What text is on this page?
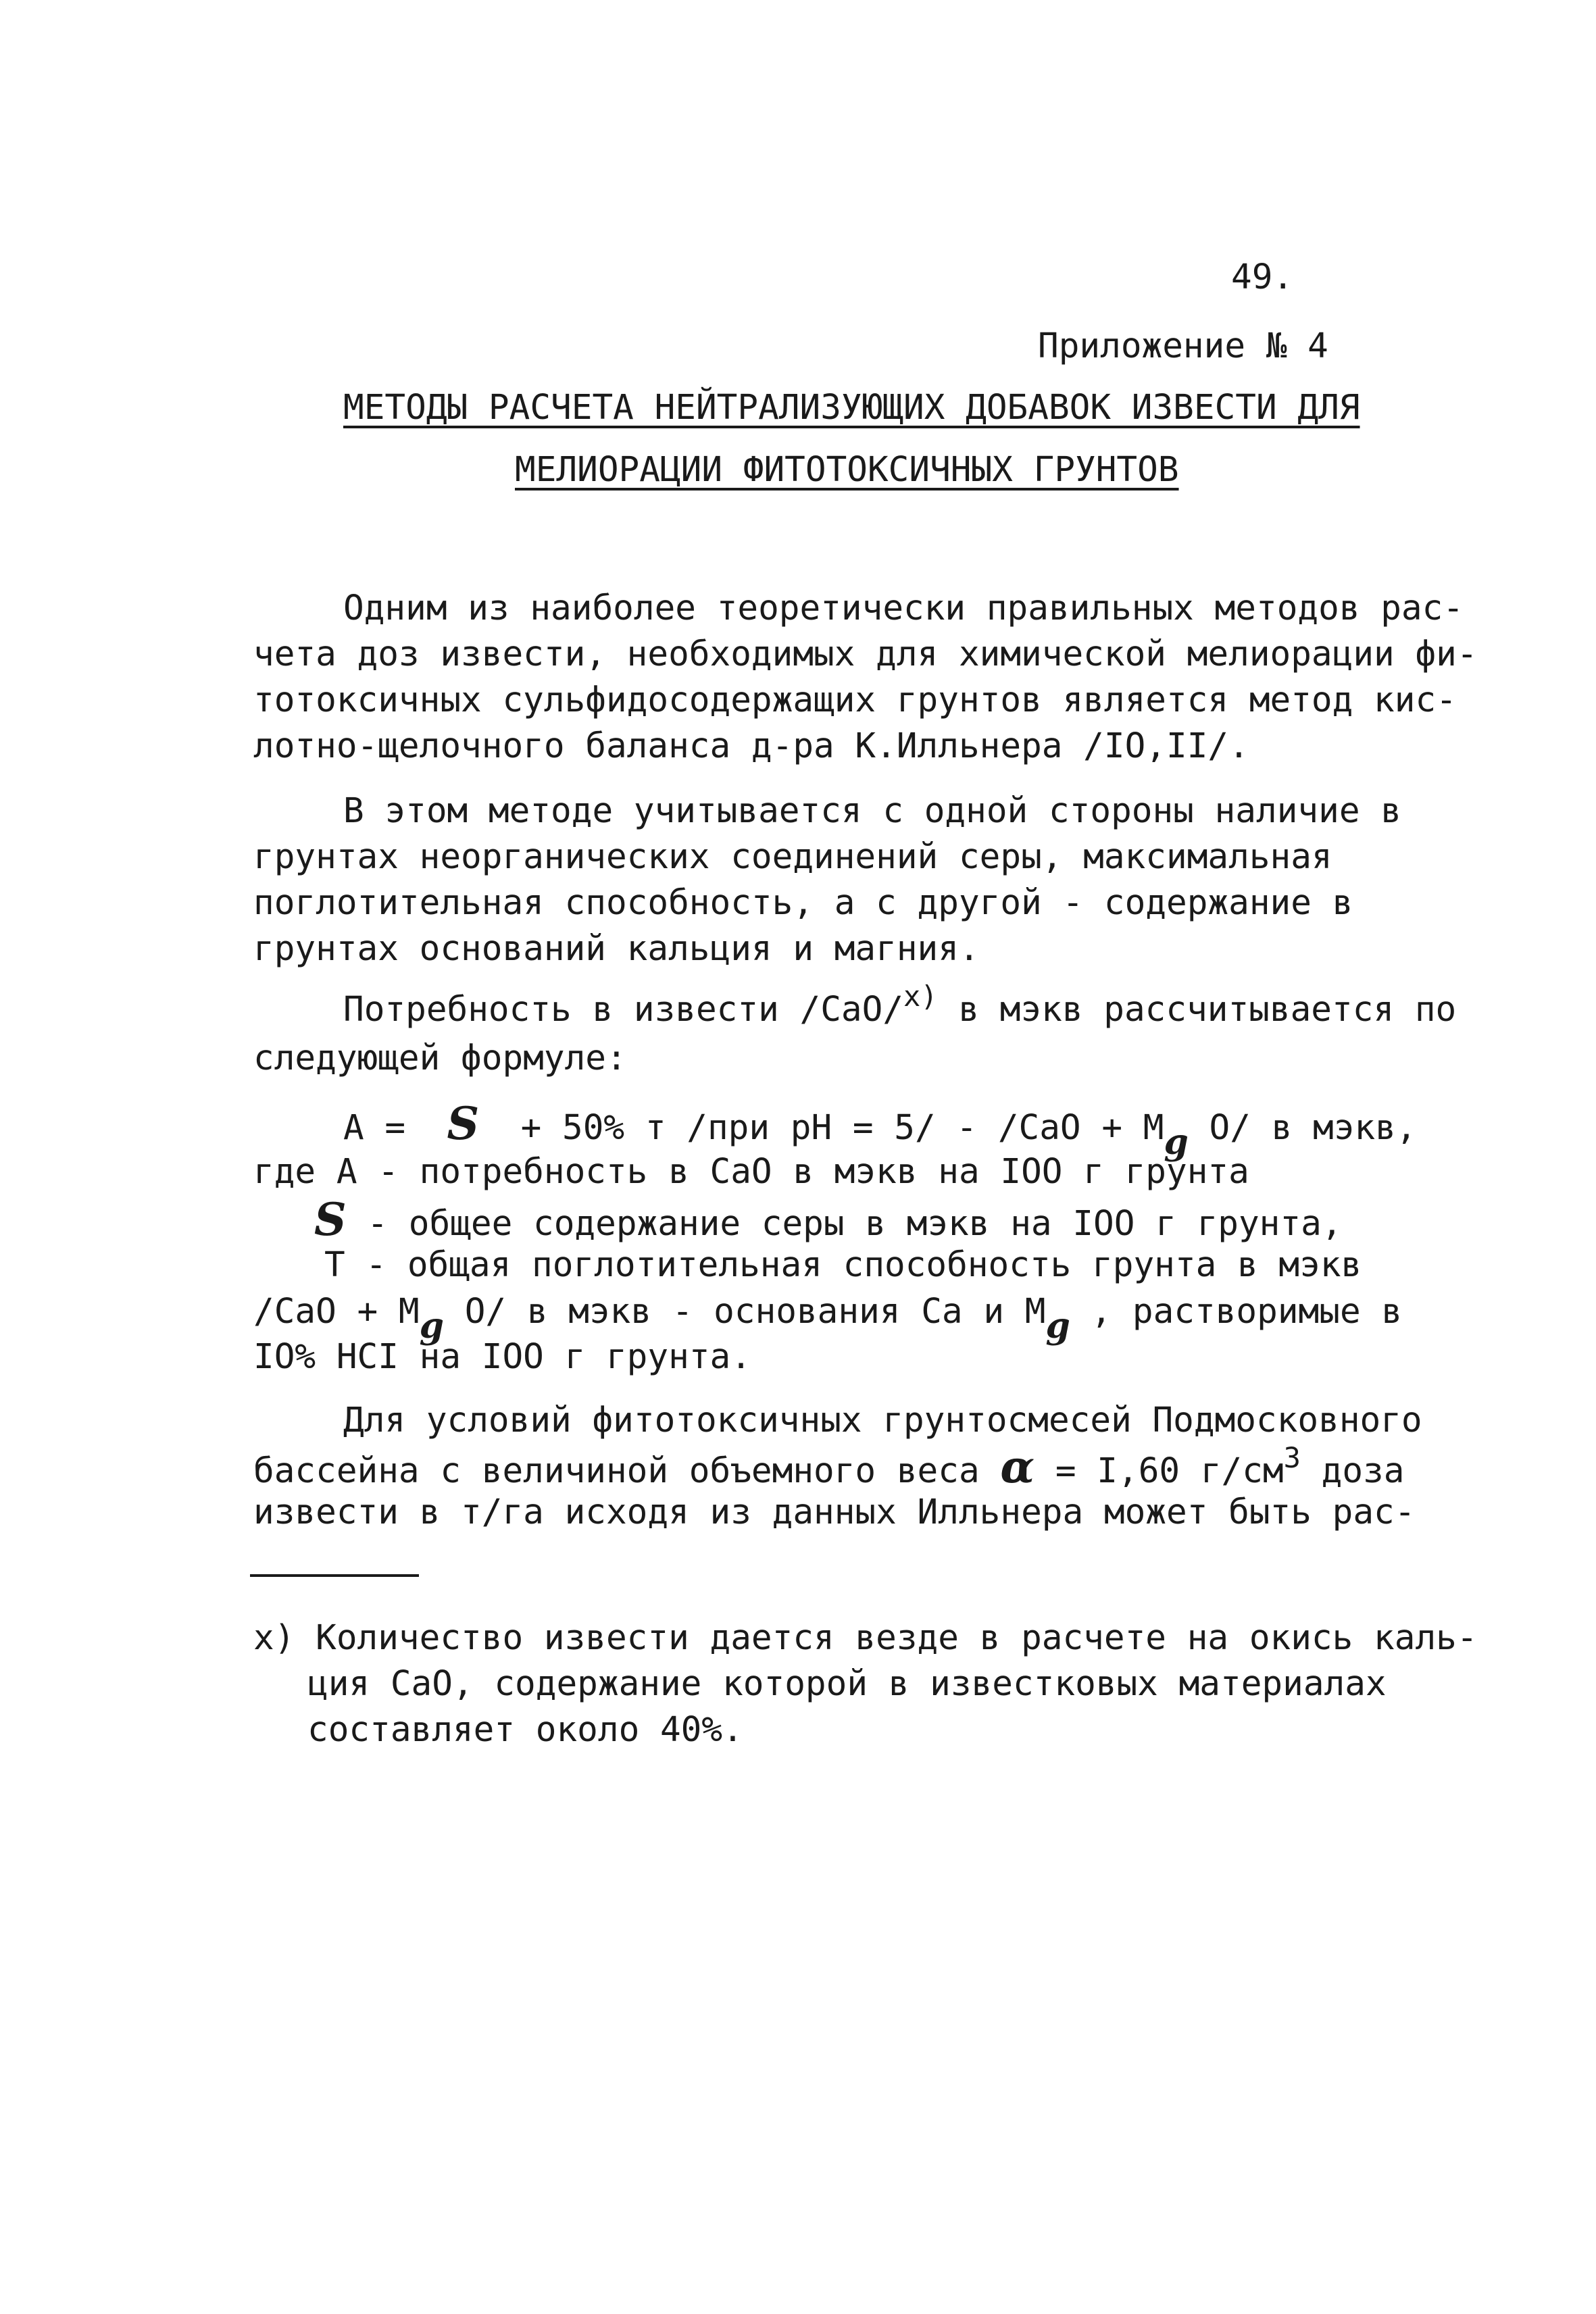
49.
Приложение № 4
МЕТОДЫ РАСЧЕТА НЕЙТРАЛИЗУЮЩИХ ДОБАВОК ИЗВЕСТИ ДЛЯ
МЕЛИОРАЦИИ ФИТОТОКСИЧНЫХ ГРУНТОВ
Одним из наиболее теоретически правильных методов рас-
чета доз извести, необходимых для химической мелиорации фи-
тотоксичных сульфидосодержащих грунтов является метод кис-
лотно-щелочного баланса д-ра К.Илльнера /IO,II/.
В этом методе учитывается с одной стороны наличие в
грунтах неорганических соединений серы, максимальная
поглотительная способность, а с другой - содержание в
грунтах оснований кальция и магния.
Потребность в извести /CaO/$^{x)}$ в мэкв рассчитывается по
следующей формуле:
A =  S  + 50% т /при pH = 5/ - /CaO + Mg O/ в мэкв,
где A - потребность в CaO в мэкв на IOO г грунта
S - общее содержание серы в мэкв на IOO г грунта,
T - общая поглотительная способность грунта в мэкв
/CaO + Mg O/ в мэкв - основания Ca и Mg , растворимые в
IO% HCI на IOO г грунта.
Для условий фитотоксичных грунтосмесей Подмосковного
бассейна с величиной объемного веса α = I,60 $г/см^3$ доза
извести в т/га исходя из данных Илльнера может быть рас-
x) Количество извести дается везде в расчете на окись каль-
ция CaO, содержание которой в известковых материалах
составляет около 40%.
